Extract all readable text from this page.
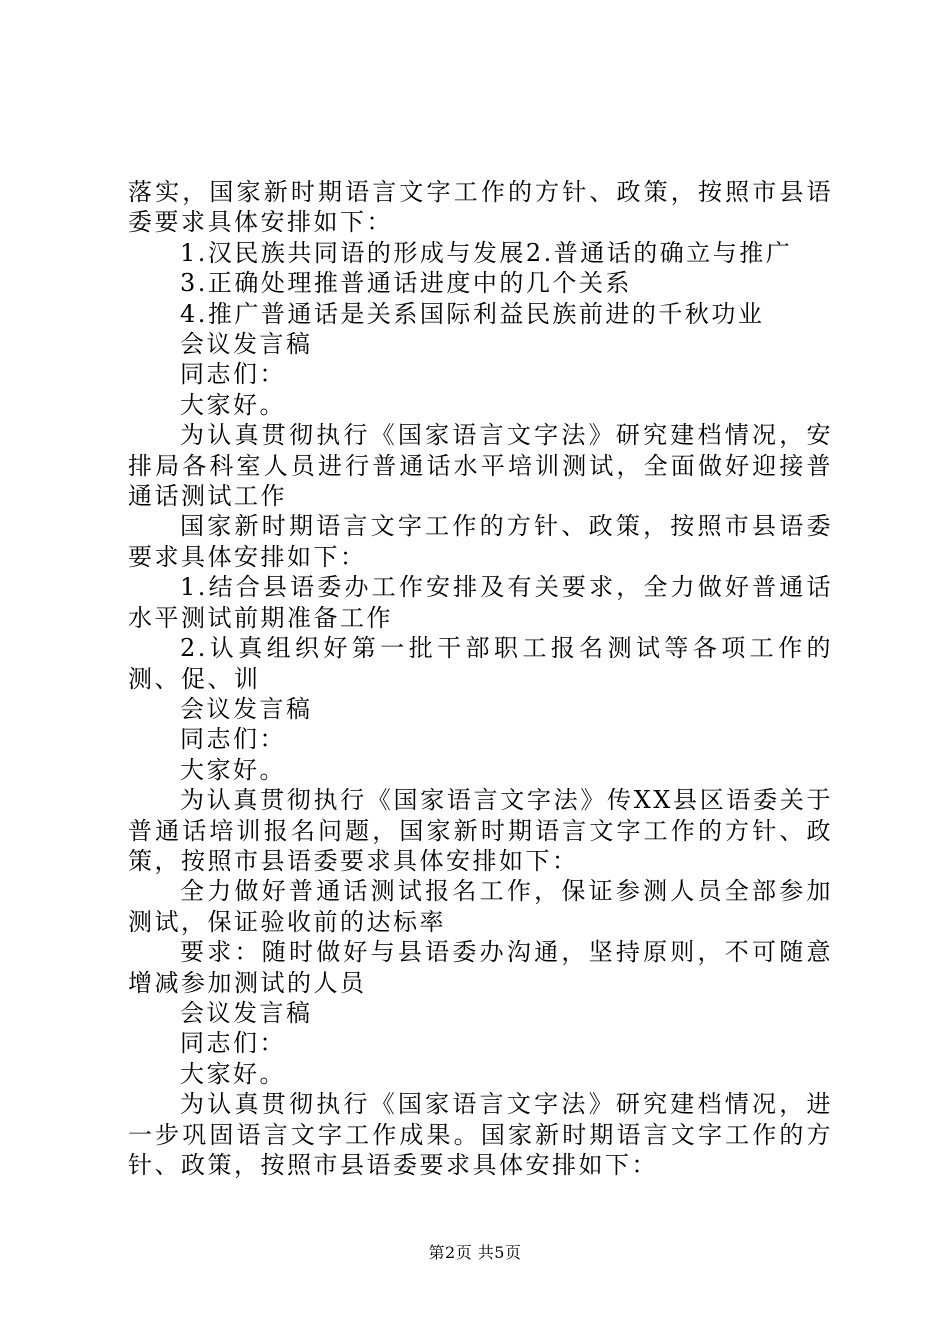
落实，国家新时期语言文字工作的方针、政策，按照市县语委要求具体安排如下：

1.汉民族共同语的形成与发展2.普通话的确立与推广

3.正确处理推普通话进度中的几个关系

4.推广普通话是关系国际利益民族前进的千秋功业

会议发言稿

同志们：

大家好。

为认真贯彻执行《国家语言文字法》研究建档情况，安排局各科室人员进行普通话水平培训测试，全面做好迎接普通话测试工作

国家新时期语言文字工作的方针、政策，按照市县语委要求具体安排如下：

1.结合县语委办工作安排及有关要求，全力做好普通话水平测试前期准备工作

2.认真组织好第一批干部职工报名测试等各项工作的测、促、训

会议发言稿

同志们：

大家好。

为认真贯彻执行《国家语言文字法》传XX县区语委关于普通话培训报名问题，国家新时期语言文字工作的方针、政策，按照市县语委要求具体安排如下：

全力做好普通话测试报名工作，保证参测人员全部参加测试，保证验收前的达标率

要求：随时做好与县语委办沟通，坚持原则，不可随意增减参加测试的人员

会议发言稿

同志们：

大家好。

为认真贯彻执行《国家语言文字法》研究建档情况，进一步巩固语言文字工作成果。国家新时期语言文字工作的方针、政策，按照市县语委要求具体安排如下：

第2页 共5页
